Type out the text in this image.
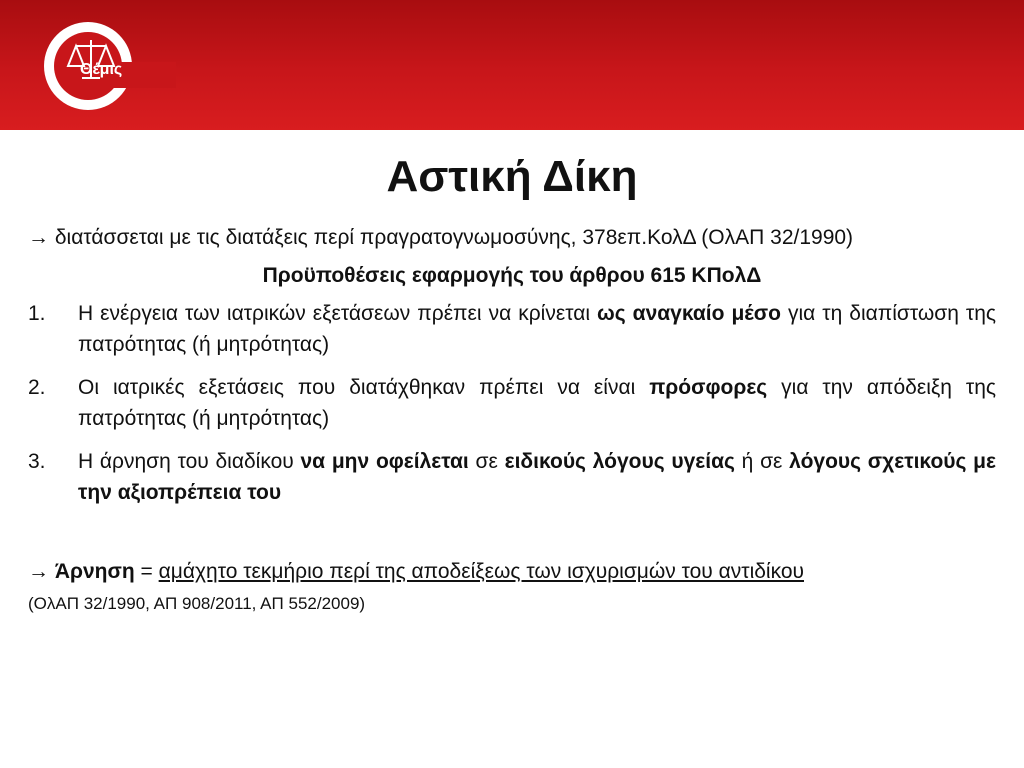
Θέμις
Αστική Δίκη

→ διατάσσεται με τις διατάξεις περί πραγρατογνωμοσύνης, 378επ.ΚολΔ (ΟλΑΠ 32/1990)

Προϋποθέσεις εφαρμογής του άρθρου 615 ΚΠολΔ
1. Η ενέργεια των ιατρικών εξετάσεων πρέπει να κρίνεται ως αναγκαίο μέσο για τη διαπίστωση της πατρότητας (ή μητρότητας)
2. Οι ιατρικές εξετάσεις που διατάχθηκαν πρέπει να είναι πρόσφορες για την απόδειξη της πατρότητας (ή μητρότητας)
3. Η άρνηση του διαδίκου να μην οφείλεται σε ειδικούς λόγους υγείας ή σε λόγους σχετικούς με την αξιοπρέπεια του

→ Άρνηση = αμάχητο τεκμήριο περί της αποδείξεως των ισχυρισμών του αντιδίκου

(ΟλΑΠ 32/1990, ΑΠ 908/2011, ΑΠ 552/2009)
